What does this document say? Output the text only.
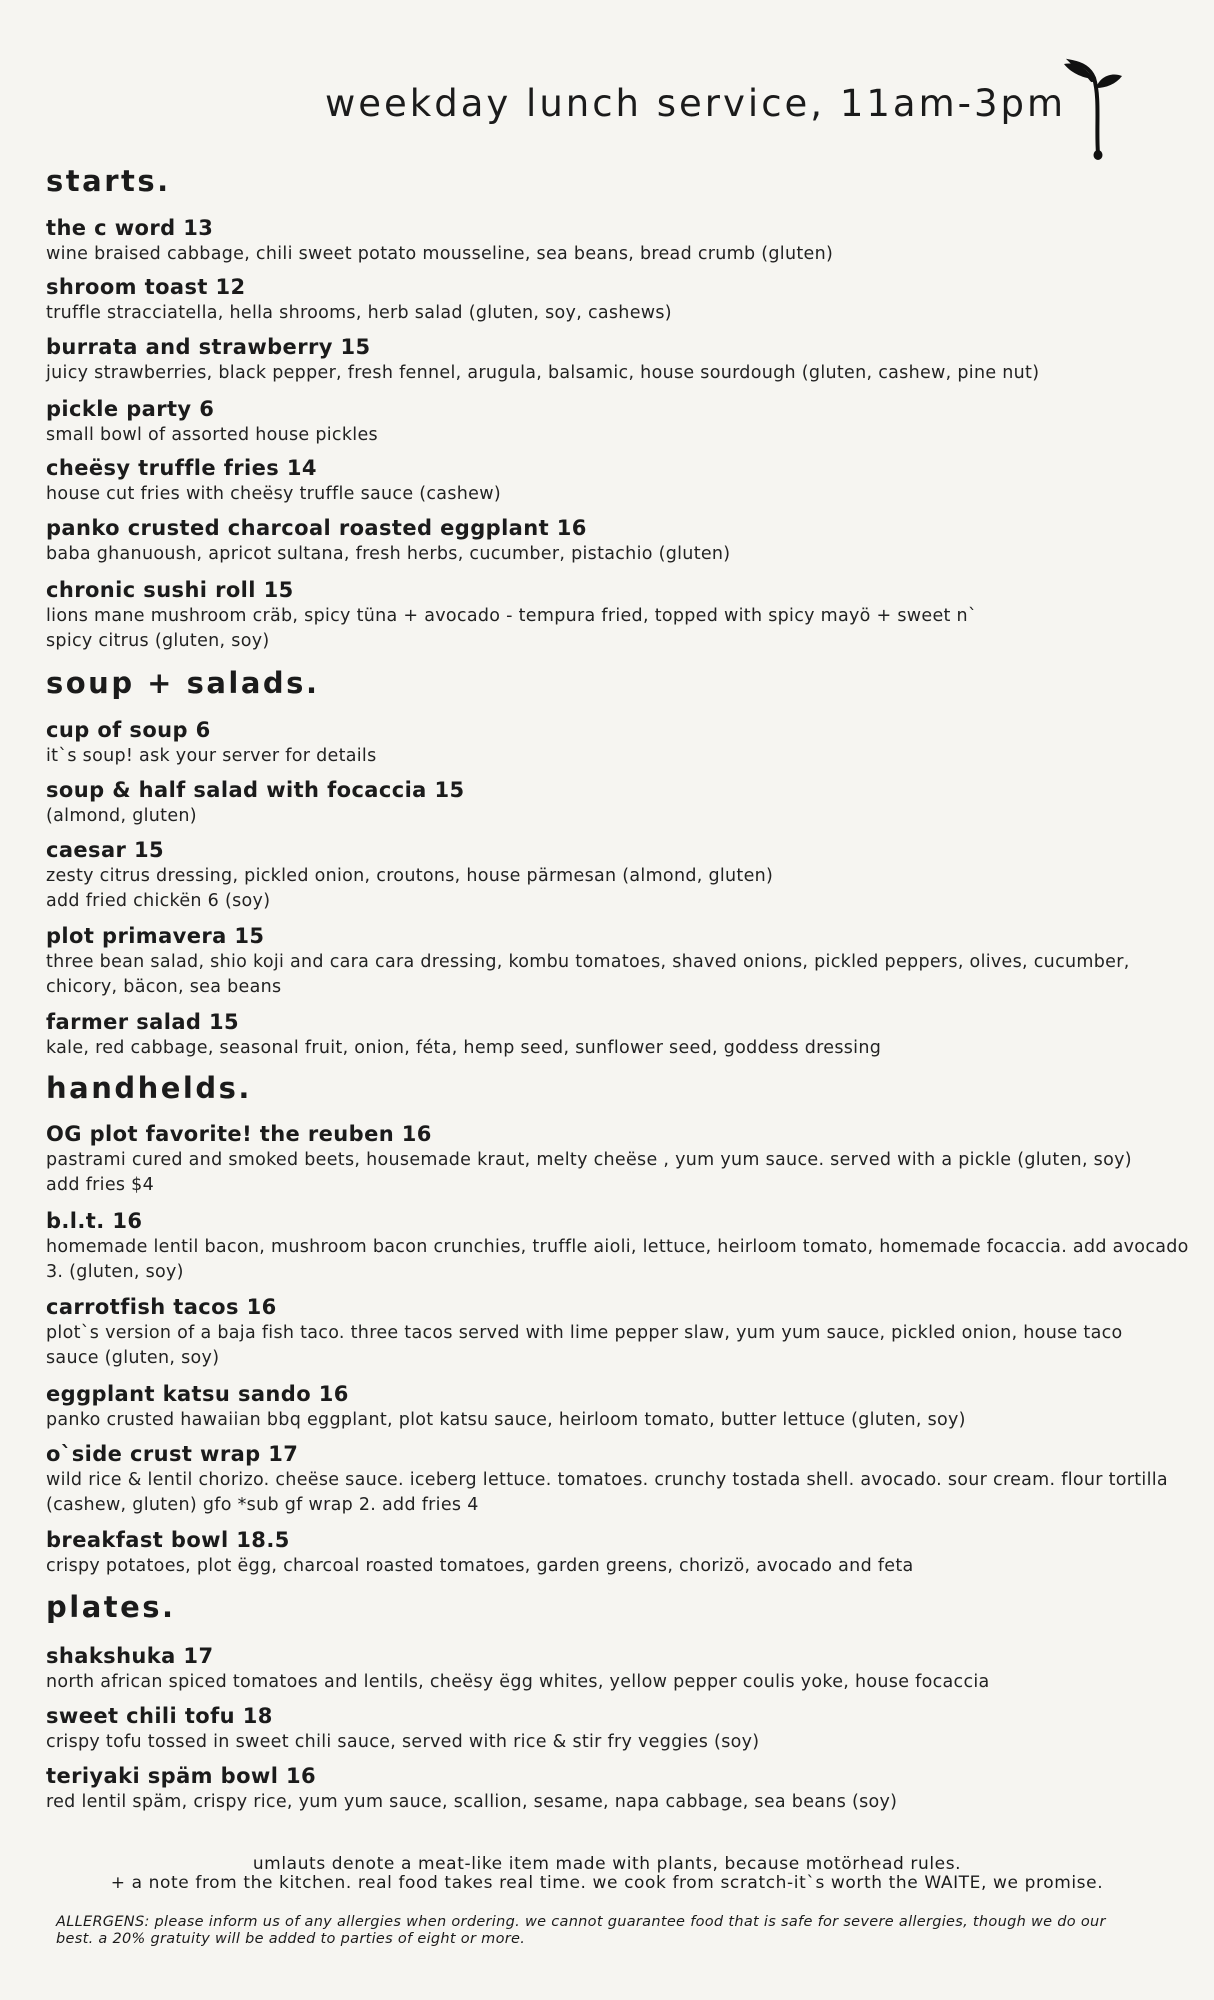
weekday lunch service, 11am-3pm
starts.
the c word 13
wine braised cabbage, chili sweet potato mousseline, sea beans, bread crumb (gluten)
shroom toast 12
truffle stracciatella, hella shrooms, herb salad (gluten, soy, cashews)
burrata and strawberry 15
juicy strawberries, black pepper, fresh fennel, arugula, balsamic, house sourdough (gluten, cashew, pine nut)
pickle party 6
small bowl of assorted house pickles
cheësy truffle fries 14
house cut fries with cheësy truffle sauce (cashew)
panko crusted charcoal roasted eggplant 16
baba ghanuoush, apricot sultana, fresh herbs, cucumber, pistachio (gluten)
chronic sushi roll 15
lions mane mushroom cräb, spicy tüna + avocado - tempura fried, topped with spicy mayö + sweet n` spicy citrus (gluten, soy)
soup + salads.
cup of soup 6
it`s soup! ask your server for details
soup & half salad with focaccia 15
(almond, gluten)
caesar 15
zesty citrus dressing, pickled onion, croutons, house pärmesan (almond, gluten)
add fried chickën 6 (soy)
plot primavera 15
three bean salad, shio koji and cara cara dressing, kombu tomatoes, shaved onions, pickled peppers, olives, cucumber, chicory, bäcon, sea beans
farmer salad 15
kale, red cabbage, seasonal fruit, onion, féta, hemp seed, sunflower seed, goddess dressing
handhelds.
OG plot favorite! the reuben 16
pastrami cured and smoked beets, housemade kraut, melty cheëse , yum yum sauce. served with a pickle (gluten, soy) add fries $4
b.l.t. 16
homemade lentil bacon, mushroom bacon crunchies, truffle aioli, lettuce, heirloom tomato, homemade focaccia. add avocado 3. (gluten, soy)
carrotfish tacos 16
plot`s version of a baja fish taco. three tacos served with lime pepper slaw, yum yum sauce, pickled onion, house taco sauce (gluten, soy)
eggplant katsu sando 16
panko crusted hawaiian bbq eggplant, plot katsu sauce, heirloom tomato, butter lettuce (gluten, soy)
o`side crust wrap 17
wild rice & lentil chorizo. cheëse sauce. iceberg lettuce. tomatoes. crunchy tostada shell. avocado. sour cream. flour tortilla (cashew, gluten) gfo *sub gf wrap 2. add fries 4
breakfast bowl 18.5
crispy potatoes, plot ëgg, charcoal roasted tomatoes, garden greens, chorizö, avocado and feta
plates.
shakshuka 17
north african spiced tomatoes and lentils, cheësy ëgg whites, yellow pepper coulis yoke, house focaccia
sweet chili tofu 18
crispy tofu tossed in sweet chili sauce, served with rice & stir fry veggies (soy)
teriyaki späm bowl 16
red lentil späm, crispy rice, yum yum sauce, scallion, sesame, napa cabbage, sea beans (soy)
umlauts denote a meat-like item made with plants, because motörhead rules.
+ a note from the kitchen. real food takes real time. we cook from scratch-it`s worth the WAITE, we promise.
ALLERGENS: please inform us of any allergies when ordering. we cannot guarantee food that is safe for severe allergies, though we do our best. a 20% gratuity will be added to parties of eight or more.
